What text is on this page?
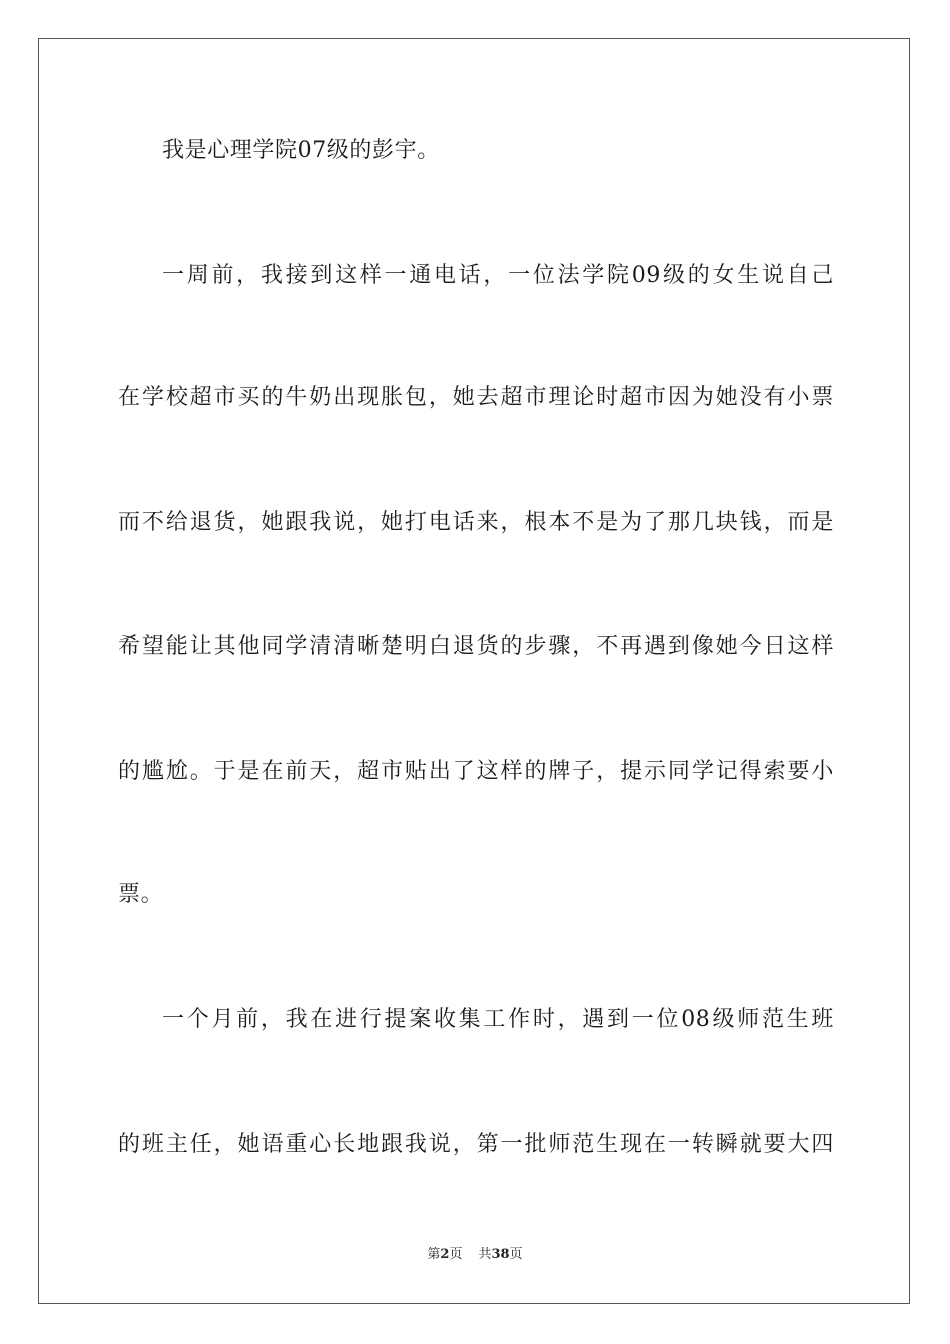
我是心理学院07级的彭宇。
一周前，我接到这样一通电话，一位法学院09级的女生说自己
在学校超市买的牛奶出现胀包，她去超市理论时超市因为她没有小票
而不给退货，她跟我说，她打电话来，根本不是为了那几块钱，而是
希望能让其他同学清清晰楚明白退货的步骤，不再遇到像她今日这样
的尴尬。于是在前天，超市贴出了这样的牌子，提示同学记得索要小
票。
一个月前，我在进行提案收集工作时，遇到一位08级师范生班
的班主任，她语重心长地跟我说，第一批师范生现在一转瞬就要大四
第2页 共38页
